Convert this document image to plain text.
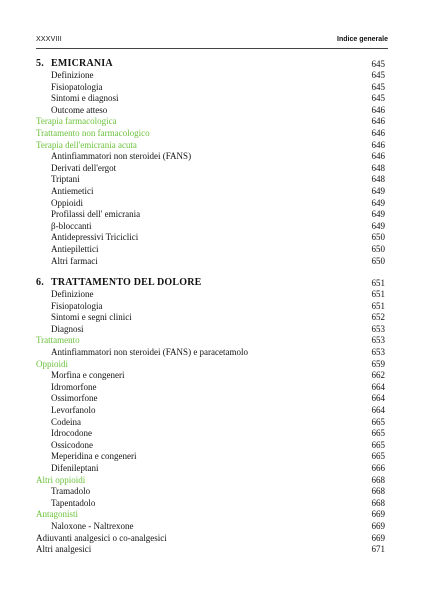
XXXVIII	Indice generale
5. EMICRANIA	645
Definizione	645
Fisiopatologia	645
Sintomi e diagnosi	645
Outcome atteso	646
Terapia farmacologica	646
Trattamento non farmacologico	646
Terapia dell'emicrania acuta	646
Antinfiammatori non steroidei (FANS)	646
Derivati dell'ergot	648
Triptani	648
Antiemetici	649
Oppioidi	649
Profilassi dell' emicrania	649
β-bloccanti	649
Antidepressivi Triciclici	650
Antiepilettici	650
Altri farmaci	650
6. TRATTAMENTO DEL DOLORE	651
Definizione	651
Fisiopatologia	651
Sintomi e segni clinici	652
Diagnosi	653
Trattamento	653
Antinfiammatori non steroidei (FANS) e paracetamolo	653
Oppioidi	659
Morfina e congeneri	662
Idromorfone	664
Ossimorfone	664
Levorfanolo	664
Codeina	665
Idrocodone	665
Ossicodone	665
Meperidina e congeneri	665
Difenileptani	666
Altri oppioidi	668
Tramadolo	668
Tapentadolo	668
Antagonisti	669
Naloxone - Naltrexone	669
Adiuvanti analgesici o co-analgesici	669
Altri analgesici	671
